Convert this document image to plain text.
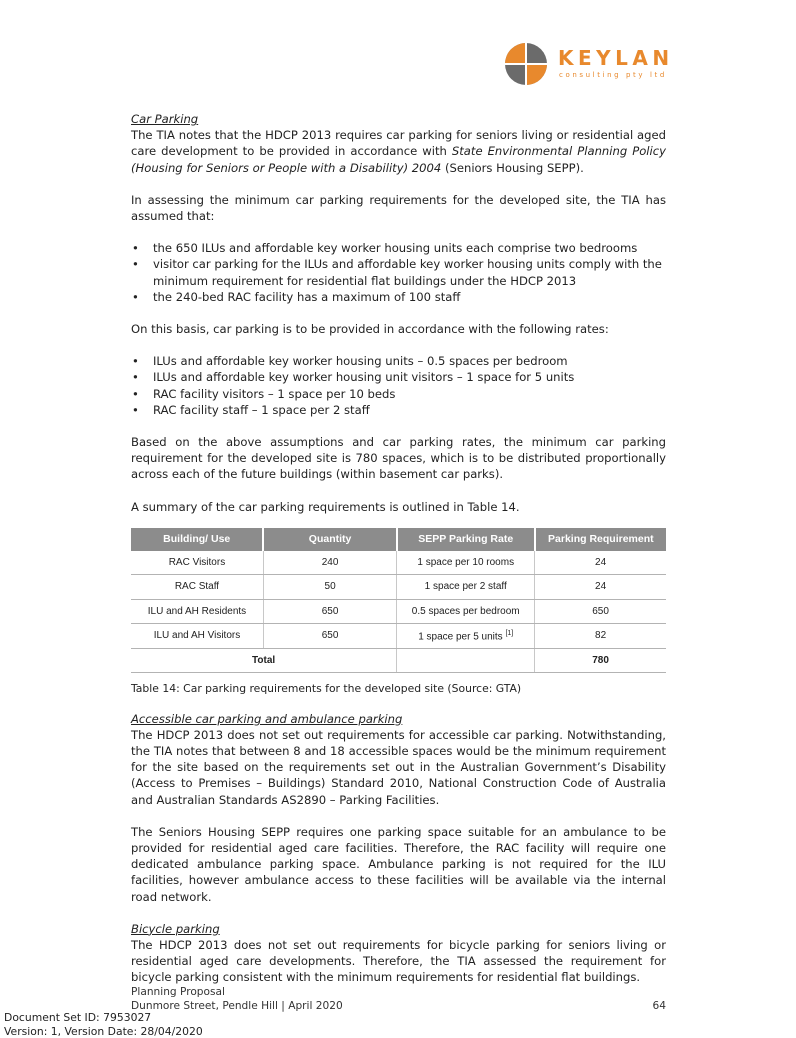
KEYLAN
consulting pty ltd

Car Parking

The TIA notes that the HDCP 2013 requires car parking for seniors living or residential aged care development to be provided in accordance with State Environmental Planning Policy (Housing for Seniors or People with a Disability) 2004 (Seniors Housing SEPP).

In assessing the minimum car parking requirements for the developed site, the TIA has assumed that:

• the 650 ILUs and affordable key worker housing units each comprise two bedrooms
• visitor car parking for the ILUs and affordable key worker housing units comply with the minimum requirement for residential flat buildings under the HDCP 2013
• the 240-bed RAC facility has a maximum of 100 staff

On this basis, car parking is to be provided in accordance with the following rates:

• ILUs and affordable key worker housing units – 0.5 spaces per bedroom
• ILUs and affordable key worker housing unit visitors – 1 space for 5 units
• RAC facility visitors – 1 space per 10 beds
• RAC facility staff – 1 space per 2 staff

Based on the above assumptions and car parking rates, the minimum car parking requirement for the developed site is 780 spaces, which is to be distributed proportionally across each of the future buildings (within basement car parks).

A summary of the car parking requirements is outlined in Table 14.

Building/ Use	Quantity	SEPP Parking Rate	Parking Requirement
RAC Visitors	240	1 space per 10 rooms	24
RAC Staff	50	1 space per 2 staff	24
ILU and AH Residents	650	0.5 spaces per bedroom	650
ILU and AH Visitors	650	1 space per 5 units [1]	82
Total			780

Table 14: Car parking requirements for the developed site (Source: GTA)

Accessible car parking and ambulance parking

The HDCP 2013 does not set out requirements for accessible car parking. Notwithstanding, the TIA notes that between 8 and 18 accessible spaces would be the minimum requirement for the site based on the requirements set out in the Australian Government’s Disability (Access to Premises – Buildings) Standard 2010, National Construction Code of Australia and Australian Standards AS2890 – Parking Facilities.

The Seniors Housing SEPP requires one parking space suitable for an ambulance to be provided for residential aged care facilities. Therefore, the RAC facility will require one dedicated ambulance parking space. Ambulance parking is not required for the ILU facilities, however ambulance access to these facilities will be available via the internal road network.

Bicycle parking

The HDCP 2013 does not set out requirements for bicycle parking for seniors living or residential aged care developments. Therefore, the TIA assessed the requirement for bicycle parking consistent with the minimum requirements for residential flat buildings.

Planning Proposal
Dunmore Street, Pendle Hill | April 2020	64
Document Set ID: 7953027
Version: 1, Version Date: 28/04/2020
